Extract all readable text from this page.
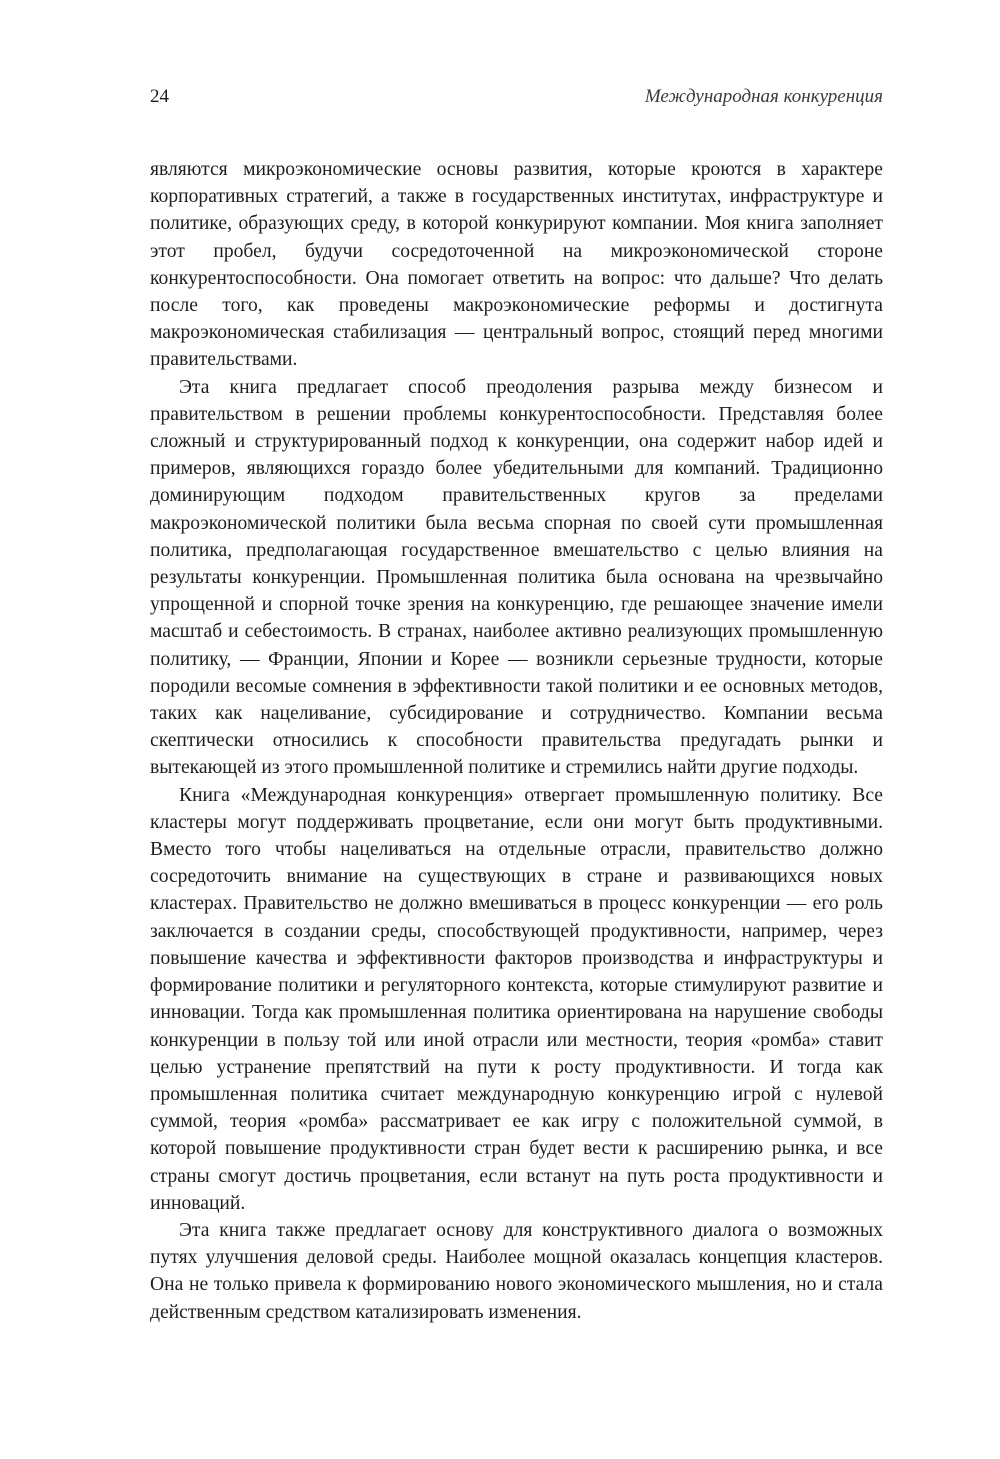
24	Международная конкуренция

являются микроэкономические основы развития, которые кроются в характере корпоративных стратегий, а также в государственных институтах, инфраструктуре и политике, образующих среду, в которой конкурируют компании. Моя книга заполняет этот пробел, будучи сосредоточенной на микроэкономической стороне конкурентоспособности. Она помогает ответить на вопрос: что дальше? Что делать после того, как проведены макроэкономические реформы и достигнута макроэкономическая стабилизация — центральный вопрос, стоящий перед многими правительствами.

Эта книга предлагает способ преодоления разрыва между бизнесом и правительством в решении проблемы конкурентоспособности. Представляя более сложный и структурированный подход к конкуренции, она содержит набор идей и примеров, являющихся гораздо более убедительными для компаний. Традиционно доминирующим подходом правительственных кругов за пределами макроэкономической политики была весьма спорная по своей сути промышленная политика, предполагающая государственное вмешательство с целью влияния на результаты конкуренции. Промышленная политика была основана на чрезвычайно упрощенной и спорной точке зрения на конкуренцию, где решающее значение имели масштаб и себестоимость. В странах, наиболее активно реализующих промышленную политику, — Франции, Японии и Корее — возникли серьезные трудности, которые породили весомые сомнения в эффективности такой политики и ее основных методов, таких как нацеливание, субсидирование и сотрудничество. Компании весьма скептически относились к способности правительства предугадать рынки и вытекающей из этого промышленной политике и стремились найти другие подходы.

Книга «Международная конкуренция» отвергает промышленную политику. Все кластеры могут поддерживать процветание, если они могут быть продуктивными. Вместо того чтобы нацеливаться на отдельные отрасли, правительство должно сосредоточить внимание на существующих в стране и развивающихся новых кластерах. Правительство не должно вмешиваться в процесс конкуренции — его роль заключается в создании среды, способствующей продуктивности, например, через повышение качества и эффективности факторов производства и инфраструктуры и формирование политики и регуляторного контекста, которые стимулируют развитие и инновации. Тогда как промышленная политика ориентирована на нарушение свободы конкуренции в пользу той или иной отрасли или местности, теория «ромба» ставит целью устранение препятствий на пути к росту продуктивности. И тогда как промышленная политика считает международную конкуренцию игрой с нулевой суммой, теория «ромба» рассматривает ее как игру с положительной суммой, в которой повышение продуктивности стран будет вести к расширению рынка, и все страны смогут достичь процветания, если встанут на путь роста продуктивности и инноваций.

Эта книга также предлагает основу для конструктивного диалога о возможных путях улучшения деловой среды. Наиболее мощной оказалась концепция кластеров. Она не только привела к формированию нового экономического мышления, но и стала действенным средством катализировать изменения.
